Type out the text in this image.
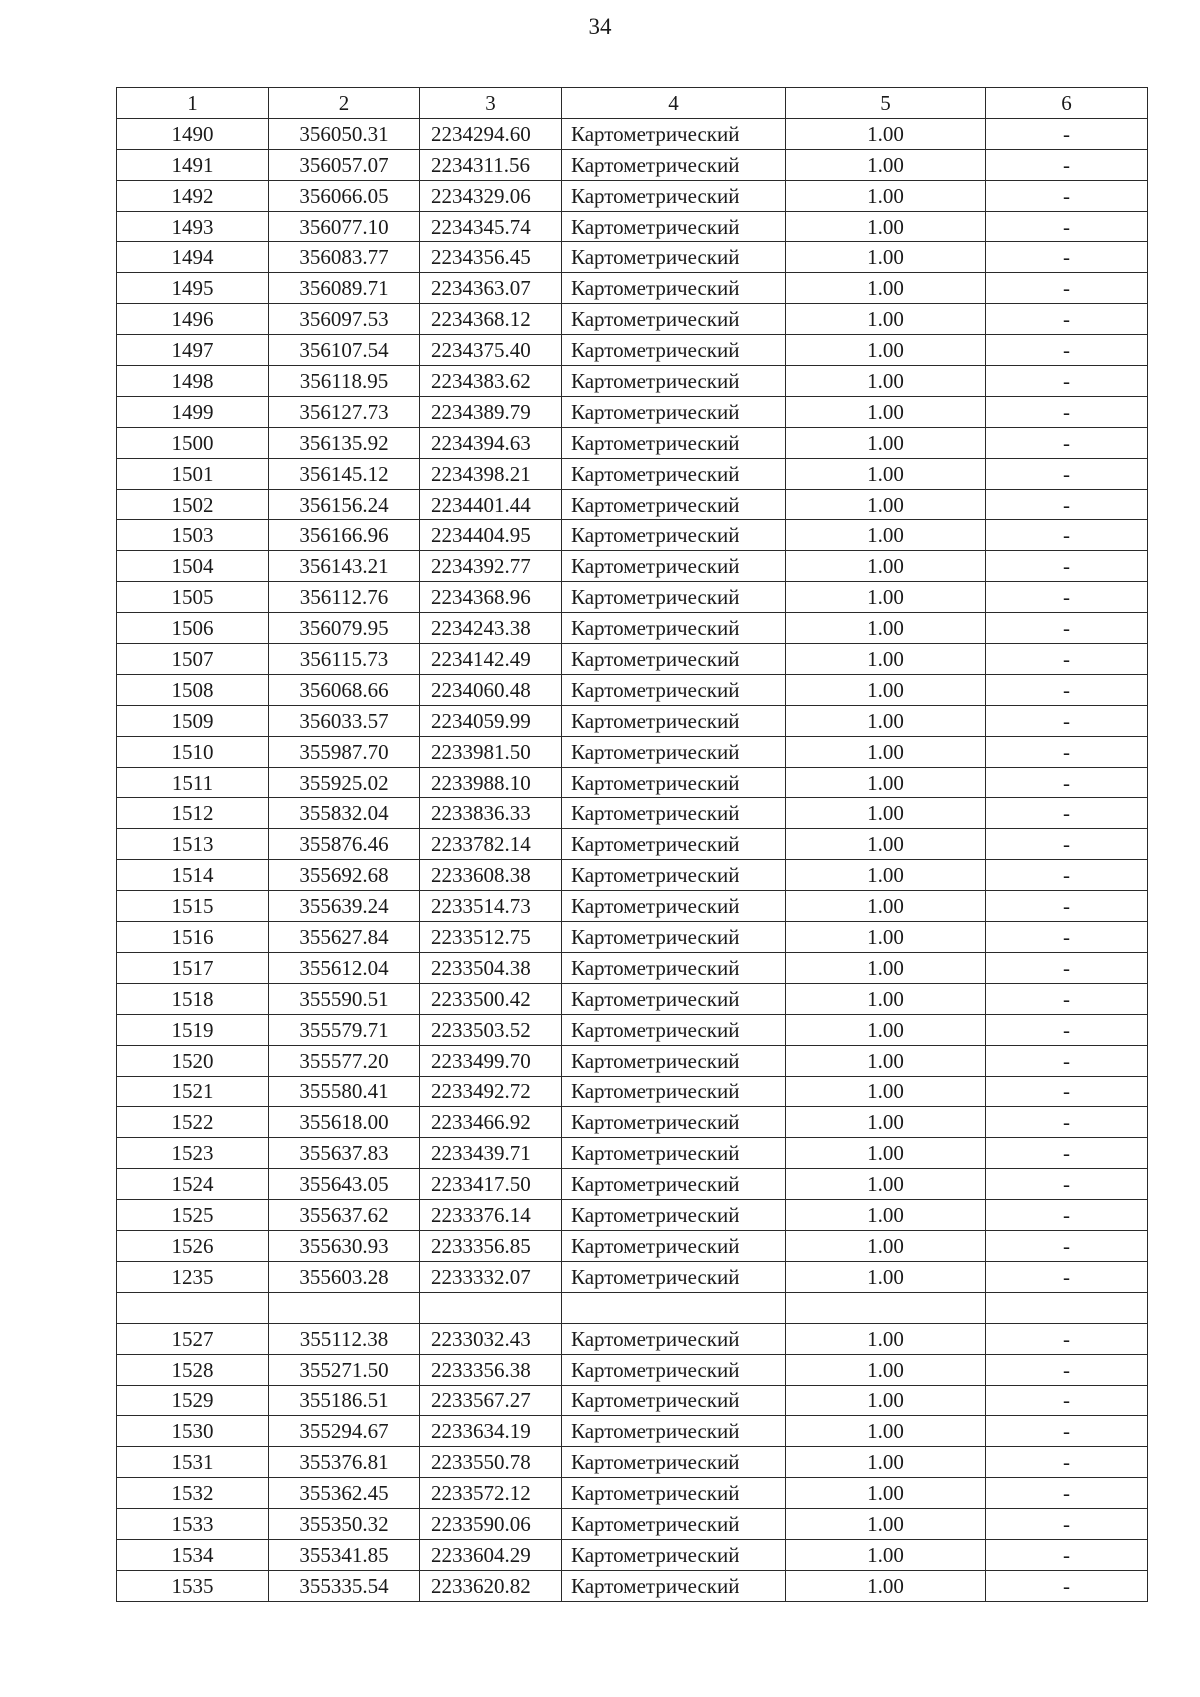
34
1	2	3	4	5	6
1490	356050.31	2234294.60	Картометрический	1.00	-
1491	356057.07	2234311.56	Картометрический	1.00	-
1492	356066.05	2234329.06	Картометрический	1.00	-
1493	356077.10	2234345.74	Картометрический	1.00	-
1494	356083.77	2234356.45	Картометрический	1.00	-
1495	356089.71	2234363.07	Картометрический	1.00	-
1496	356097.53	2234368.12	Картометрический	1.00	-
1497	356107.54	2234375.40	Картометрический	1.00	-
1498	356118.95	2234383.62	Картометрический	1.00	-
1499	356127.73	2234389.79	Картометрический	1.00	-
1500	356135.92	2234394.63	Картометрический	1.00	-
1501	356145.12	2234398.21	Картометрический	1.00	-
1502	356156.24	2234401.44	Картометрический	1.00	-
1503	356166.96	2234404.95	Картометрический	1.00	-
1504	356143.21	2234392.77	Картометрический	1.00	-
1505	356112.76	2234368.96	Картометрический	1.00	-
1506	356079.95	2234243.38	Картометрический	1.00	-
1507	356115.73	2234142.49	Картометрический	1.00	-
1508	356068.66	2234060.48	Картометрический	1.00	-
1509	356033.57	2234059.99	Картометрический	1.00	-
1510	355987.70	2233981.50	Картометрический	1.00	-
1511	355925.02	2233988.10	Картометрический	1.00	-
1512	355832.04	2233836.33	Картометрический	1.00	-
1513	355876.46	2233782.14	Картометрический	1.00	-
1514	355692.68	2233608.38	Картометрический	1.00	-
1515	355639.24	2233514.73	Картометрический	1.00	-
1516	355627.84	2233512.75	Картометрический	1.00	-
1517	355612.04	2233504.38	Картометрический	1.00	-
1518	355590.51	2233500.42	Картометрический	1.00	-
1519	355579.71	2233503.52	Картометрический	1.00	-
1520	355577.20	2233499.70	Картометрический	1.00	-
1521	355580.41	2233492.72	Картометрический	1.00	-
1522	355618.00	2233466.92	Картометрический	1.00	-
1523	355637.83	2233439.71	Картометрический	1.00	-
1524	355643.05	2233417.50	Картометрический	1.00	-
1525	355637.62	2233376.14	Картометрический	1.00	-
1526	355630.93	2233356.85	Картометрический	1.00	-
1235	355603.28	2233332.07	Картометрический	1.00	-

1527	355112.38	2233032.43	Картометрический	1.00	-
1528	355271.50	2233356.38	Картометрический	1.00	-
1529	355186.51	2233567.27	Картометрический	1.00	-
1530	355294.67	2233634.19	Картометрический	1.00	-
1531	355376.81	2233550.78	Картометрический	1.00	-
1532	355362.45	2233572.12	Картометрический	1.00	-
1533	355350.32	2233590.06	Картометрический	1.00	-
1534	355341.85	2233604.29	Картометрический	1.00	-
1535	355335.54	2233620.82	Картометрический	1.00	-
